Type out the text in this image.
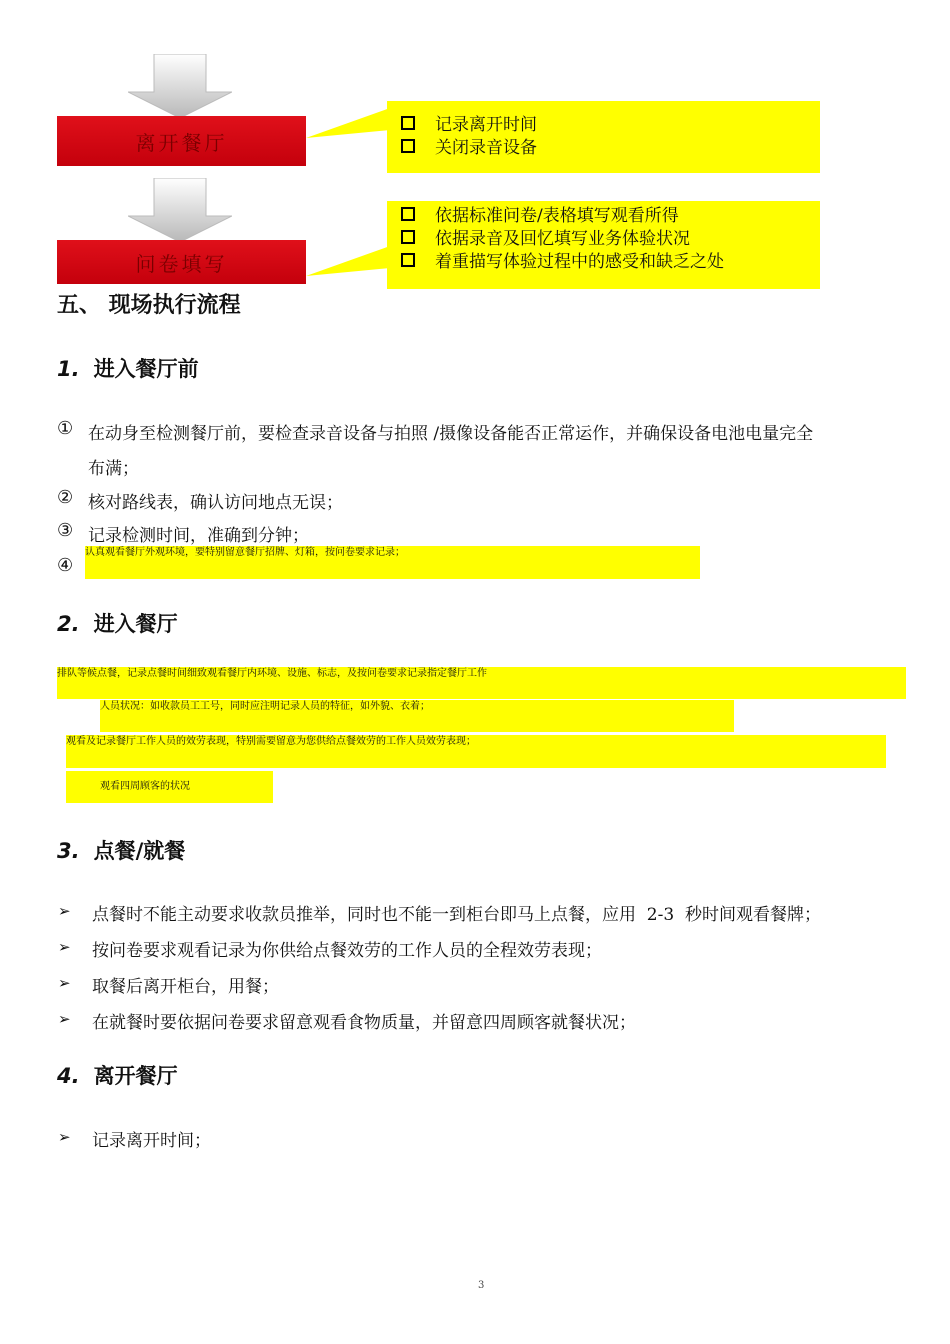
离开餐厅
记录离开时间
关闭录音设备
问卷填写
依据标准问卷/表格填写观看所得
依据录音及回忆填写业务体验状况
着重描写体验过程中的感受和缺乏之处
五、 现场执行流程
1. 进入餐厅前
① 在动身至检测餐厅前，要检查录音设备与拍照 /摄像设备能否正常运作，并确保设备电池电量完全
布满；
② 核对路线表，确认访问地点无误；
③ 记录检测时间，准确到分钟；
④
认真观看餐厅外观环境，要特别留意餐厅招牌、灯箱，按问卷要求记录；
2. 进入餐厅
排队等候点餐，记录点餐时间细致观看餐厅内环境、设施、标志，及按问卷要求记录指定餐厅工作
人员状况：如收款员工工号，同时应注明记录人员的特征，如外貌、衣着；
观看及记录餐厅工作人员的效劳表现，特别需要留意为您供给点餐效劳的工作人员效劳表现；
观看四周顾客的状况
3. 点餐/就餐
➢ 点餐时不能主动要求收款员推举，同时也不能一到柜台即马上点餐，应用  2-3  秒时间观看餐牌；
➢ 按问卷要求观看记录为你供给点餐效劳的工作人员的全程效劳表现；
➢ 取餐后离开柜台，用餐；
➢ 在就餐时要依据问卷要求留意观看食物质量，并留意四周顾客就餐状况；
4. 离开餐厅
➢ 记录离开时间；
3
